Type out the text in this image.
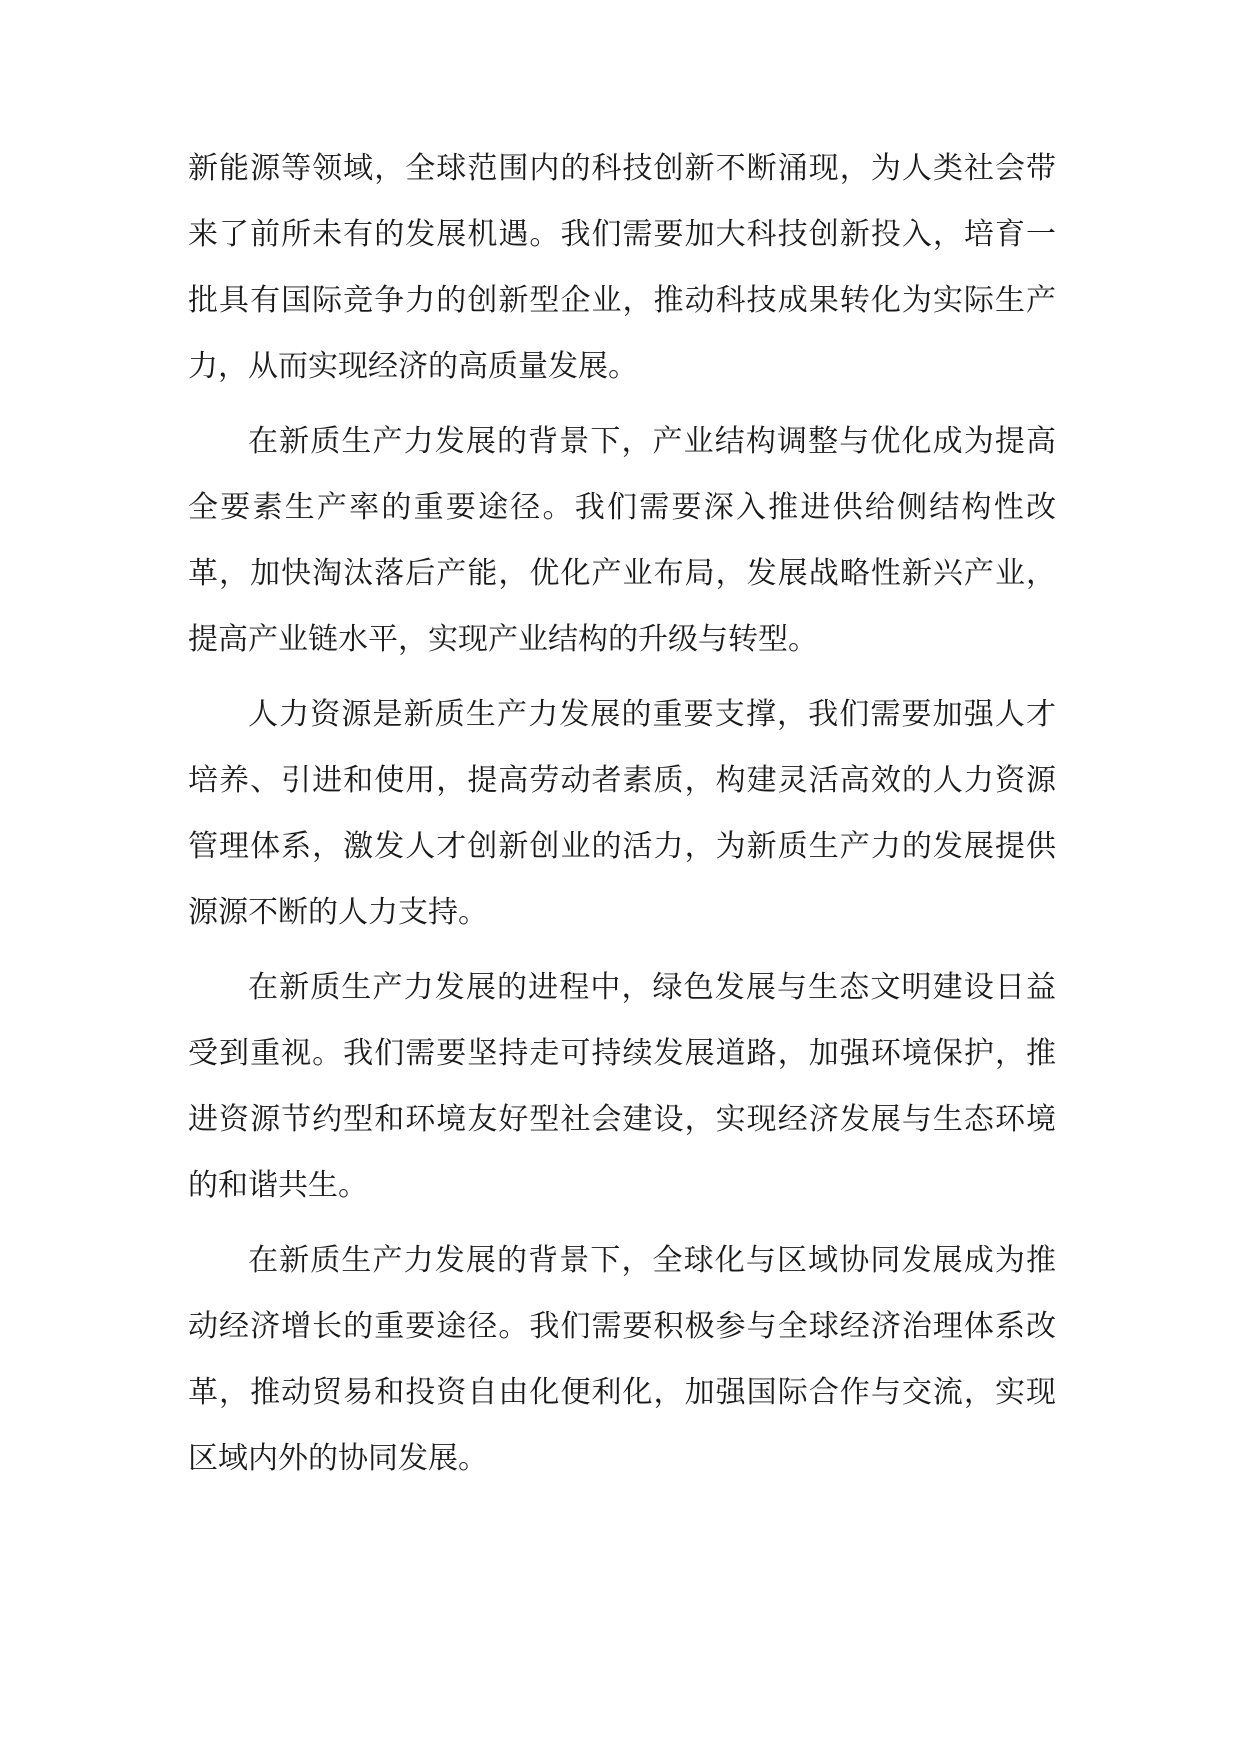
新能源等领域，全球范围内的科技创新不断涌现，为人类社会带来了前所未有的发展机遇。我们需要加大科技创新投入，培育一批具有国际竞争力的创新型企业，推动科技成果转化为实际生产力，从而实现经济的高质量发展。

在新质生产力发展的背景下，产业结构调整与优化成为提高全要素生产率的重要途径。我们需要深入推进供给侧结构性改革，加快淘汰落后产能，优化产业布局，发展战略性新兴产业，提高产业链水平，实现产业结构的升级与转型。

人力资源是新质生产力发展的重要支撑，我们需要加强人才培养、引进和使用，提高劳动者素质，构建灵活高效的人力资源管理体系，激发人才创新创业的活力，为新质生产力的发展提供源源不断的人力支持。

在新质生产力发展的进程中，绿色发展与生态文明建设日益受到重视。我们需要坚持走可持续发展道路，加强环境保护，推进资源节约型和环境友好型社会建设，实现经济发展与生态环境的和谐共生。

在新质生产力发展的背景下，全球化与区域协同发展成为推动经济增长的重要途径。我们需要积极参与全球经济治理体系改革，推动贸易和投资自由化便利化，加强国际合作与交流，实现区域内外的协同发展。
